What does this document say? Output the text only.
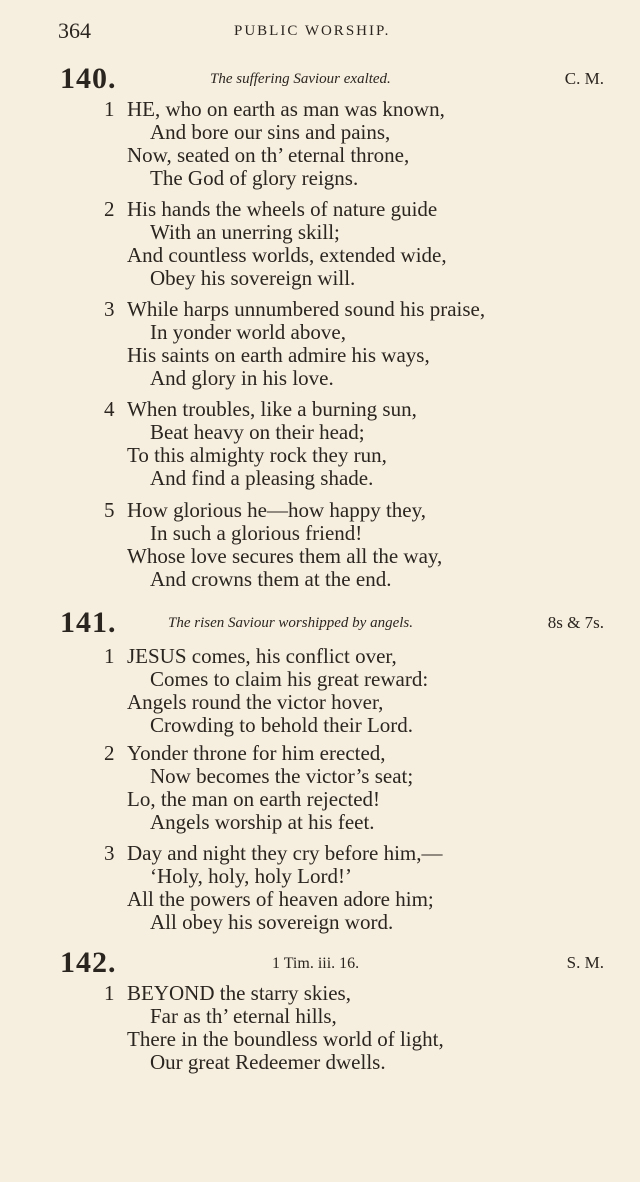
364	PUBLIC WORSHIP.
140.	The suffering Saviour exalted.	C. M.
1 HE, who on earth as man was known,
And bore our sins and pains,
Now, seated on th’ eternal throne,
The God of glory reigns.
2 His hands the wheels of nature guide
With an unerring skill;
And countless worlds, extended wide,
Obey his sovereign will.
3 While harps unnumbered sound his praise,
In yonder world above,
His saints on earth admire his ways,
And glory in his love.
4 When troubles, like a burning sun,
Beat heavy on their head;
To this almighty rock they run,
And find a pleasing shade.
5 How glorious he—how happy they,
In such a glorious friend!
Whose love secures them all the way,
And crowns them at the end.
141.	The risen Saviour worshipped by angels.	8s & 7s.
1 JESUS comes, his conflict over,
Comes to claim his great reward:
Angels round the victor hover,
Crowding to behold their Lord.
2 Yonder throne for him erected,
Now becomes the victor’s seat;
Lo, the man on earth rejected!
Angels worship at his feet.
3 Day and night they cry before him,—
‘Holy, holy, holy Lord!’
All the powers of heaven adore him;
All obey his sovereign word.
142.	1 Tim. iii. 16.	S. M.
1 BEYOND the starry skies,
Far as th’ eternal hills,
There in the boundless world of light,
Our great Redeemer dwells.
